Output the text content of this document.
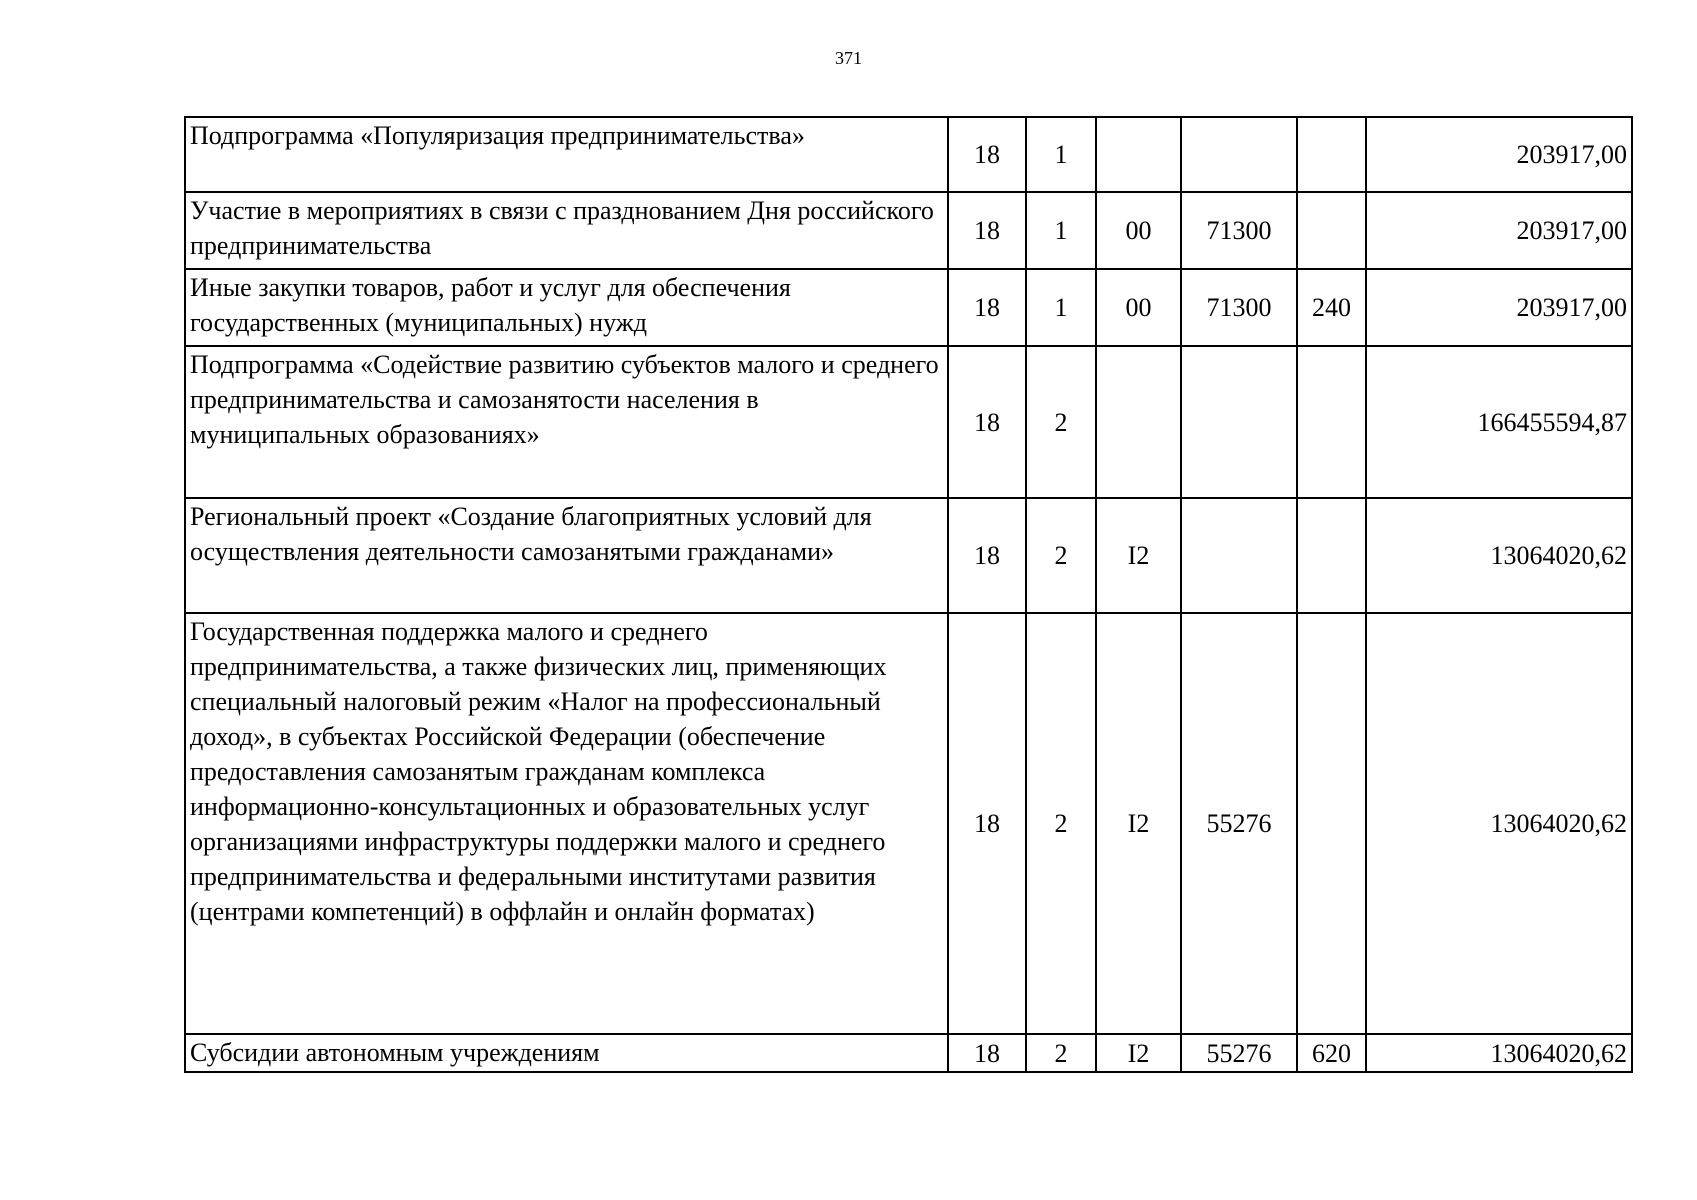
371
Подпрограмма «Популяризация предпринимательства»	18	1				203917,00
Участие в мероприятиях в связи с празднованием Дня российского предпринимательства	18	1	00	71300		203917,00
Иные закупки товаров, работ и услуг для обеспечения государственных (муниципальных) нужд	18	1	00	71300	240	203917,00
Подпрограмма «Содействие развитию субъектов малого и среднего предпринимательства и самозанятости населения в муниципальных образованиях»	18	2				166455594,87
Региональный проект «Создание благоприятных условий для осуществления деятельности самозанятыми гражданами»	18	2	I2			13064020,62
Государственная поддержка малого и среднего предпринимательства, а также физических лиц, применяющих специальный налоговый режим «Налог на профессиональный доход», в субъектах Российской Федерации (обеспечение предоставления самозанятым гражданам комплекса информационно-консультационных и образовательных услуг организациями инфраструктуры поддержки малого и среднего предпринимательства и федеральными институтами развития (центрами компетенций) в оффлайн и онлайн форматах)	18	2	I2	55276		13064020,62
Субсидии автономным учреждениям	18	2	I2	55276	620	13064020,62
